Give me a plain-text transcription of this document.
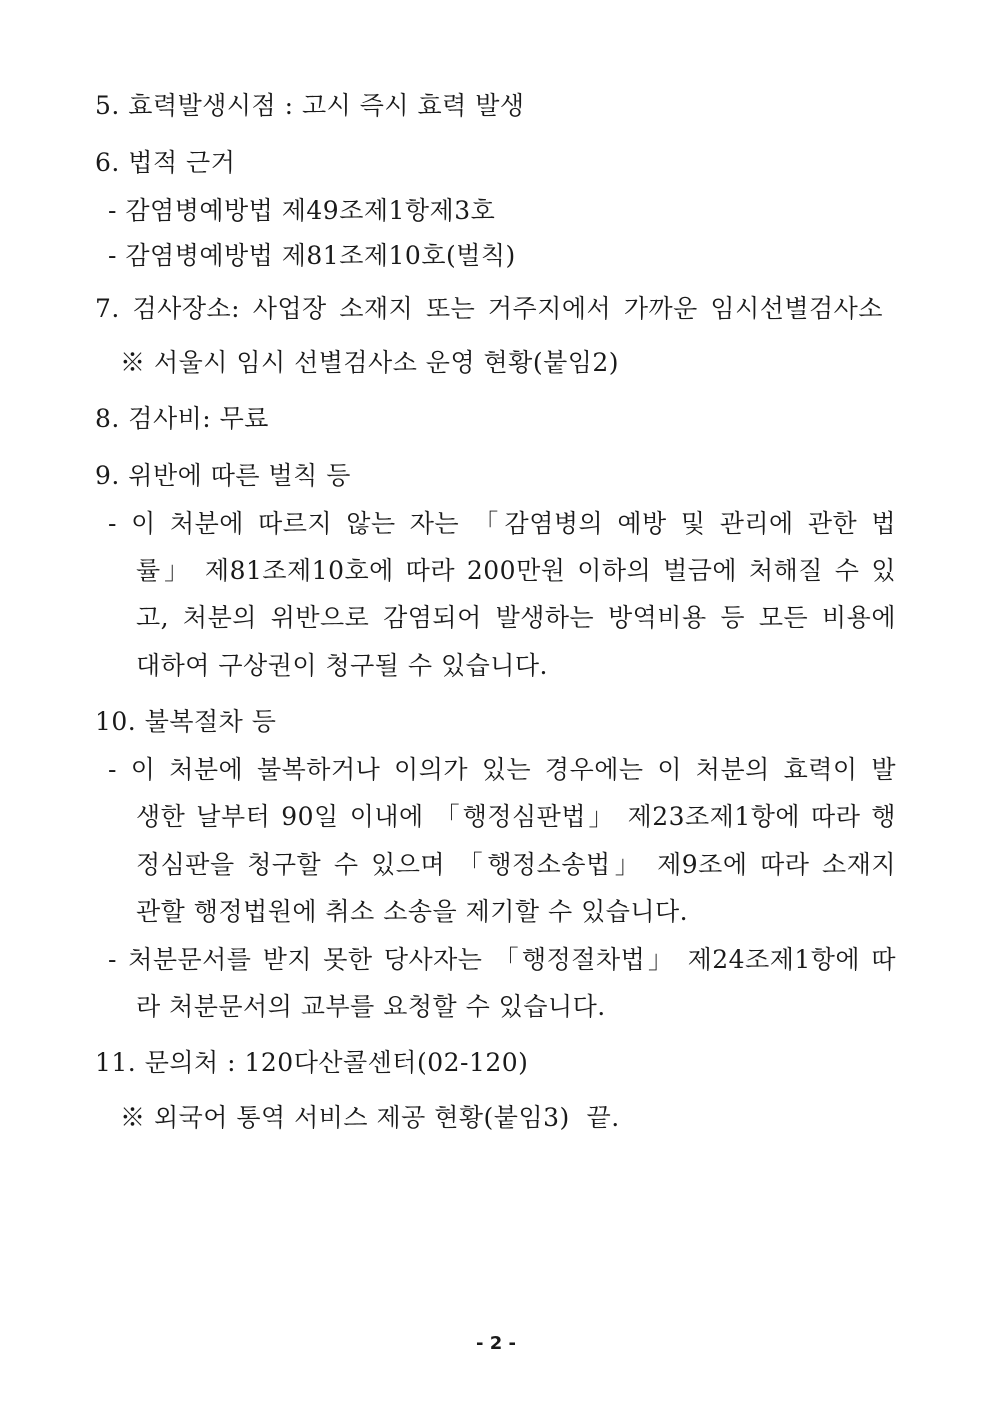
5. 효력발생시점 : 고시 즉시 효력 발생
6. 법적 근거
- 감염병예방법 제49조제1항제3호
- 감염병예방법 제81조제10호(벌칙)
7. 검사장소: 사업장 소재지 또는 거주지에서 가까운 임시선별검사소
※ 서울시 임시 선별검사소 운영 현황(붙임2)
8. 검사비: 무료
9. 위반에 따른 벌칙 등
- 이 처분에 따르지 않는 자는 「감염병의 예방 및 관리에 관한 법
률」 제81조제10호에 따라 200만원 이하의 벌금에 처해질 수 있
고, 처분의 위반으로 감염되어 발생하는 방역비용 등 모든 비용에
대하여 구상권이 청구될 수 있습니다.
10. 불복절차 등
- 이 처분에 불복하거나 이의가 있는 경우에는 이 처분의 효력이 발
생한 날부터 90일 이내에 「행정심판법」 제23조제1항에 따라 행
정심판을 청구할 수 있으며 「행정소송법」 제9조에 따라 소재지
관할 행정법원에 취소 소송을 제기할 수 있습니다.
- 처분문서를 받지 못한 당사자는 「행정절차법」 제24조제1항에 따
라 처분문서의 교부를 요청할 수 있습니다.
11. 문의처 : 120다산콜센터(02-120)
※ 외국어 통역 서비스 제공 현황(붙임3)  끝.
- 2 -
